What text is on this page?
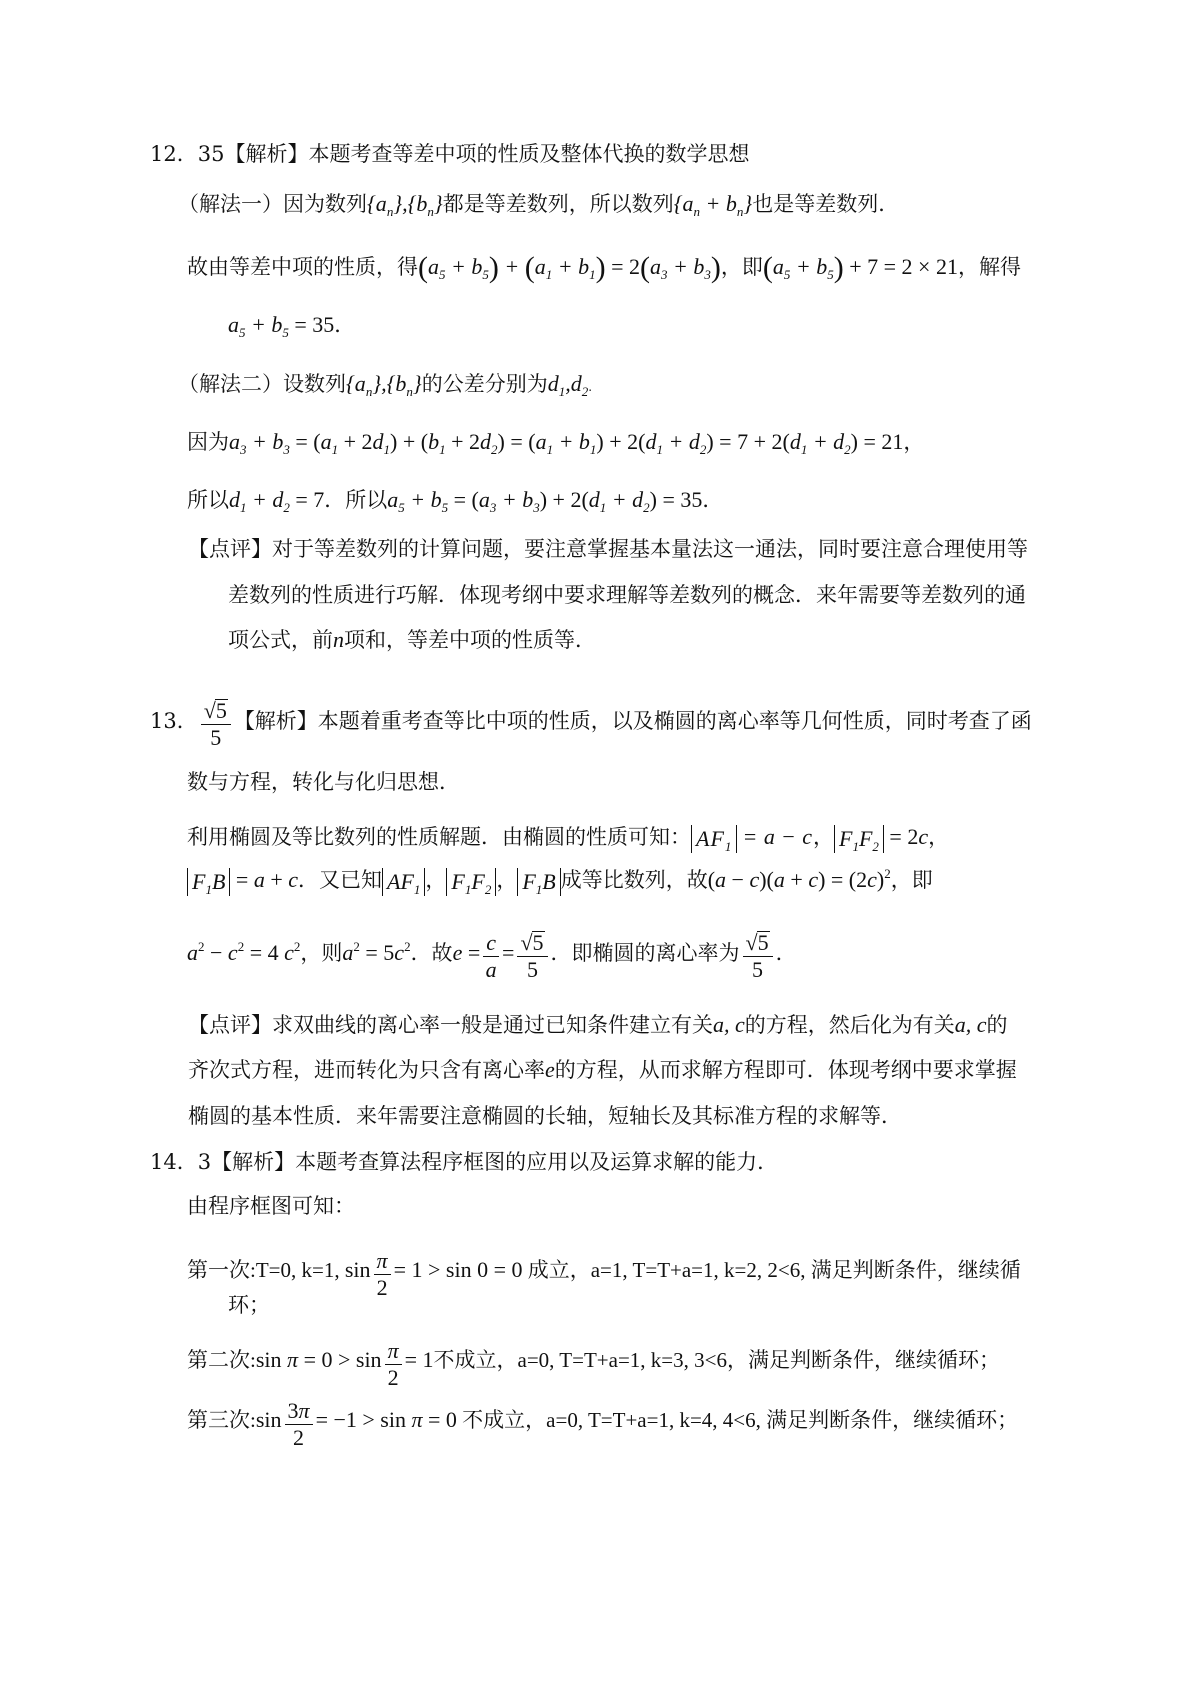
12．35【解析】本题考查等差中项的性质及整体代换的数学思想
（解法一）因为数列$\{a_n\},\{b_n\}$都是等差数列，所以数列$\{a_n + b_n\}$也是等差数列．
故由等差中项的性质，得$(a_5 + b_5) + (a_1 + b_1) = 2(a_3 + b_3)$，即$(a_5 + b_5) + 7 = 2 \times 21$，解得
$a_5 + b_5 = 35$．
（解法二）设数列$\{a_n\},\{b_n\}$的公差分别为$d_1,d_2$.
因为$a_3 + b_3 = (a_1 + 2d_1) + (b_1 + 2d_2) = (a_1 + b_1) + 2(d_1 + d_2) = 7 + 2(d_1 + d_2) = 21$，
所以$d_1 + d_2 = 7$．所以$a_5 + b_5 = (a_3 + b_3) + 2(d_1 + d_2) = 35$．
【点评】对于等差数列的计算问题，要注意掌握基本量法这一通法，同时要注意合理使用等
差数列的性质进行巧解．体现考纲中要求理解等差数列的概念．来年需要等差数列的通
项公式，前n项和，等差中项的性质等．
13． $\frac{√5}{5}$ 【解析】本题着重考查等比中项的性质，以及椭圆的离心率等几何性质，同时考查了函
数与方程，转化与化归思想．
利用椭圆及等比数列的性质解题．由椭圆的性质可知： $AF_1 = a - c$， $F_1F_2 = 2c$，
$F_1B = a + c$．又已知 $AF_1$ ， $F_1F_2$ ， $F_1B$ 成等比数列，故$(a - c)(a + c) = (2c)^2$，即
$a^2 - c^2 = 4$ $c^2$，则$a^2 = 5c^2$．故$e = \frac{c}{a} = \frac{√5}{5}$ ．即椭圆的离心率为 $\frac{√5}{5}$ ．
【点评】求双曲线的离心率一般是通过已知条件建立有关a, c的方程，然后化为有关a, c的
齐次式方程，进而转化为只含有离心率e的方程，从而求解方程即可．体现考纲中要求掌握
椭圆的基本性质．来年需要注意椭圆的长轴，短轴长及其标准方程的求解等．
14．3【解析】本题考查算法程序框图的应用以及运算求解的能力．
由程序框图可知：
第一次:T=0, k=1, $\sin \frac{\pi}{2} = 1 > \sin 0 = 0$ 成立，a=1, T=T+a=1, k=2, 2<6, 满足判断条件，继续循
环；
第二次:sin $\pi = 0 > \sin \frac{\pi}{2} = 1$不成立，a=0, T=T+a=1, k=3, 3<6，满足判断条件，继续循环；
第三次:sin $\frac{3\pi}{2} = -1 > \sin \pi = 0$ 不成立，a=0, T=T+a=1, k=4, 4<6, 满足判断条件，继续循环；
